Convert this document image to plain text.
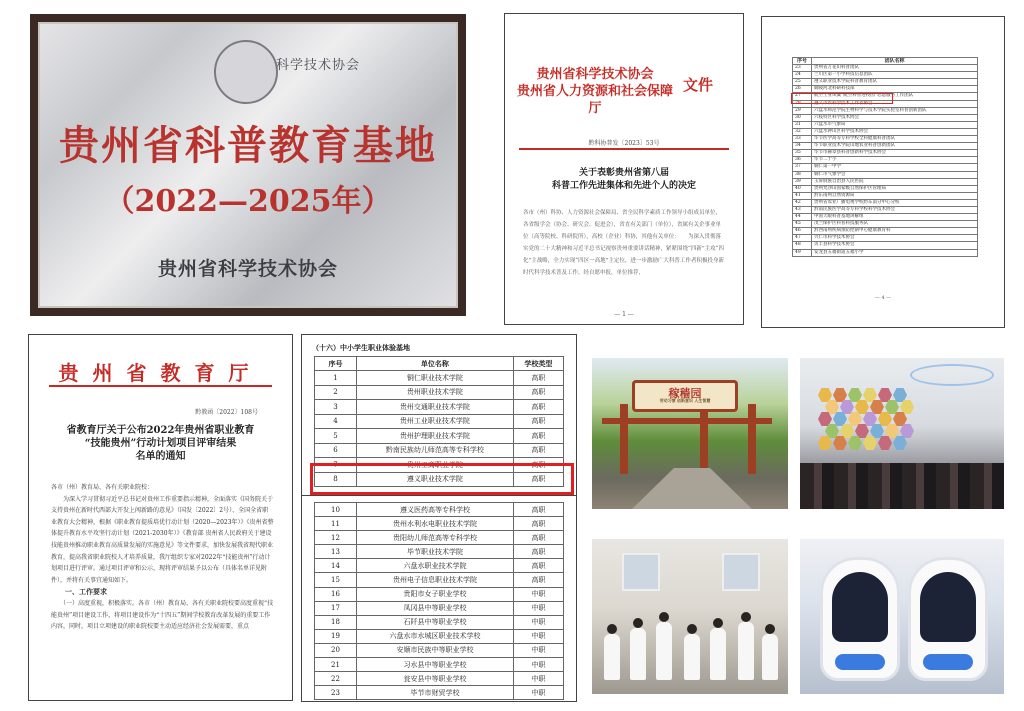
科学技术协会
贵州省科普教育基地
（2022—2025年）
贵州省科学技术协会
贵州省科学技术协会
贵州省人力资源和社会保障厅
文件
黔科协普发〔2023〕53号
关于表彰贵州省第八届
科普工作先进集体和先进个人的决定
各市（州）科协、人力资源社会保障局、省全民科学素质工作领导小组成员单位，各省级学会（协会、研究会、促进会），省直有关部门（单位），省属有关企事业单位（高等院校、科研院所），高校（企业）科协，其他有关单位：　　为深入贯彻落实党的二十大精神和习近平总书记视察贵州重要讲话精神，紧紧围绕“四新”主攻“四化”主战略，全力实现“四区一高地”主定位，进一步激励广大科普工作者积极投身新时代科学技术普及工作，经自愿申报，单位推荐，
— 1 —
序号	团队名称
23	贵州省万花山科普团队
24	兰川区第一小学科技信息团队
25	遵义职业技术学院科普教育团队
26	铜陵河北科研科技部
27	航空工业凤翼“航空科普进校园”志愿服务工作团队
28	遵义市农科学技术工作者协会
29	六盘水师范学院生物科学与技术学院实验室科普创新团队
30	六枝特区科学技术协会
31	六盘水市气象局
32	六盘水钟山区科学技术协会
33	毕节医学高等专科学校全科健康科普团队
34	毕节职业技术学院山地农业科普创新团队
35	毕节市赫章县科普创新科学技术协会
36	毕节二十小
37	铜仁第一中学
38	铜仁市气象学会
39	玉屏侗族自治县人民医院
40	贵州梵净山国家级自然保护区管理局
41	黔东南州自然资源局
42	贵州省农业广播电视学校黔东南分中心分校
43	黔南民族医学高等专科学校科学技术协会
44	中国天眼科普基地讲解组
45	茂兰保护区科普科技服务队
46	黔西南州疾病预防控制中心健康教育科
47	兴仁市科学技术协会
48	贞丰县科学技术协会
49	安龙县五福街道五福小学
— 4 —
贵州省教育厅
黔教函〔2022〕108号
省教育厅关于公布2022年贵州省职业教育
“技能贵州”行动计划项目评审结果
名单的通知

各市（州）教育局、各有关职业院校：

　　为深入学习贯彻习近平总书记对贵州工作重要指示精神，全面落实《国务院关于支持贵州在新时代西部大开发上闯新路的意见》（国发〔2022〕2号）、全国全省职业教育大会精神，根据《职业教育提质培优行动计划（2020—2023年）》《贵州省整体提升教育水平攻坚行动计划（2021-2030年）》《教育部 贵州省人民政府关于建设技能贵州推动职业教育高质量发展的实施意见》等文件要求，加快发展我省现代职业教育，提高我省职业院校人才培养质量，我厅组织专家对2022年“技能贵州”行动计划项目进行评审。通过项目评审和公示，现将评审结果予以公布（具体名单详见附件），并将有关事宜通知如下。

　　一、工作要求

　　（一）高度重视，积极落实。各市（州）教育局、各有关职业院校要高度重视“技能贵州”项目建设工作，将项目建设作为“十四五”期间学校教育改革发展的重要工作内容，同时，项目立项建设的职业院校要主动适应经济社会发展需要，重点

（十六）中小学生职业体验基地
序号	单位名称	学校类型
1	铜仁职业技术学院	高职
2	贵州职业技术学院	高职
3	贵州交通职业技术学院	高职
4	贵州工业职业技术学院	高职
5	贵州护理职业技术学院	高职
6	黔南民族幼儿师范高等专科学校	高职
7	贵州工商职业学院	高职
8	遵义职业技术学院	高职
10	遵义医药高等专科学校	高职
11	贵州水利水电职业技术学院	高职
12	贵阳幼儿师范高等专科学校	高职
13	毕节职业技术学院	高职
14	六盘水职业技术学院	高职
15	贵州电子信息职业技术学院	高职
16	贵阳市女子职业学校	中职
17	凤冈县中等职业学校	中职
18	石阡县中等职业学校	中职
19	六盘水市水城区职业技术学校	中职
20	安顺市民族中等职业学校	中职
21	习水县中等职业学校	中职
22	瓮安县中等职业学校	中职
23	毕节市财贸学校	中职
稼穑园
劳动习惯 创新意识 人生智慧
